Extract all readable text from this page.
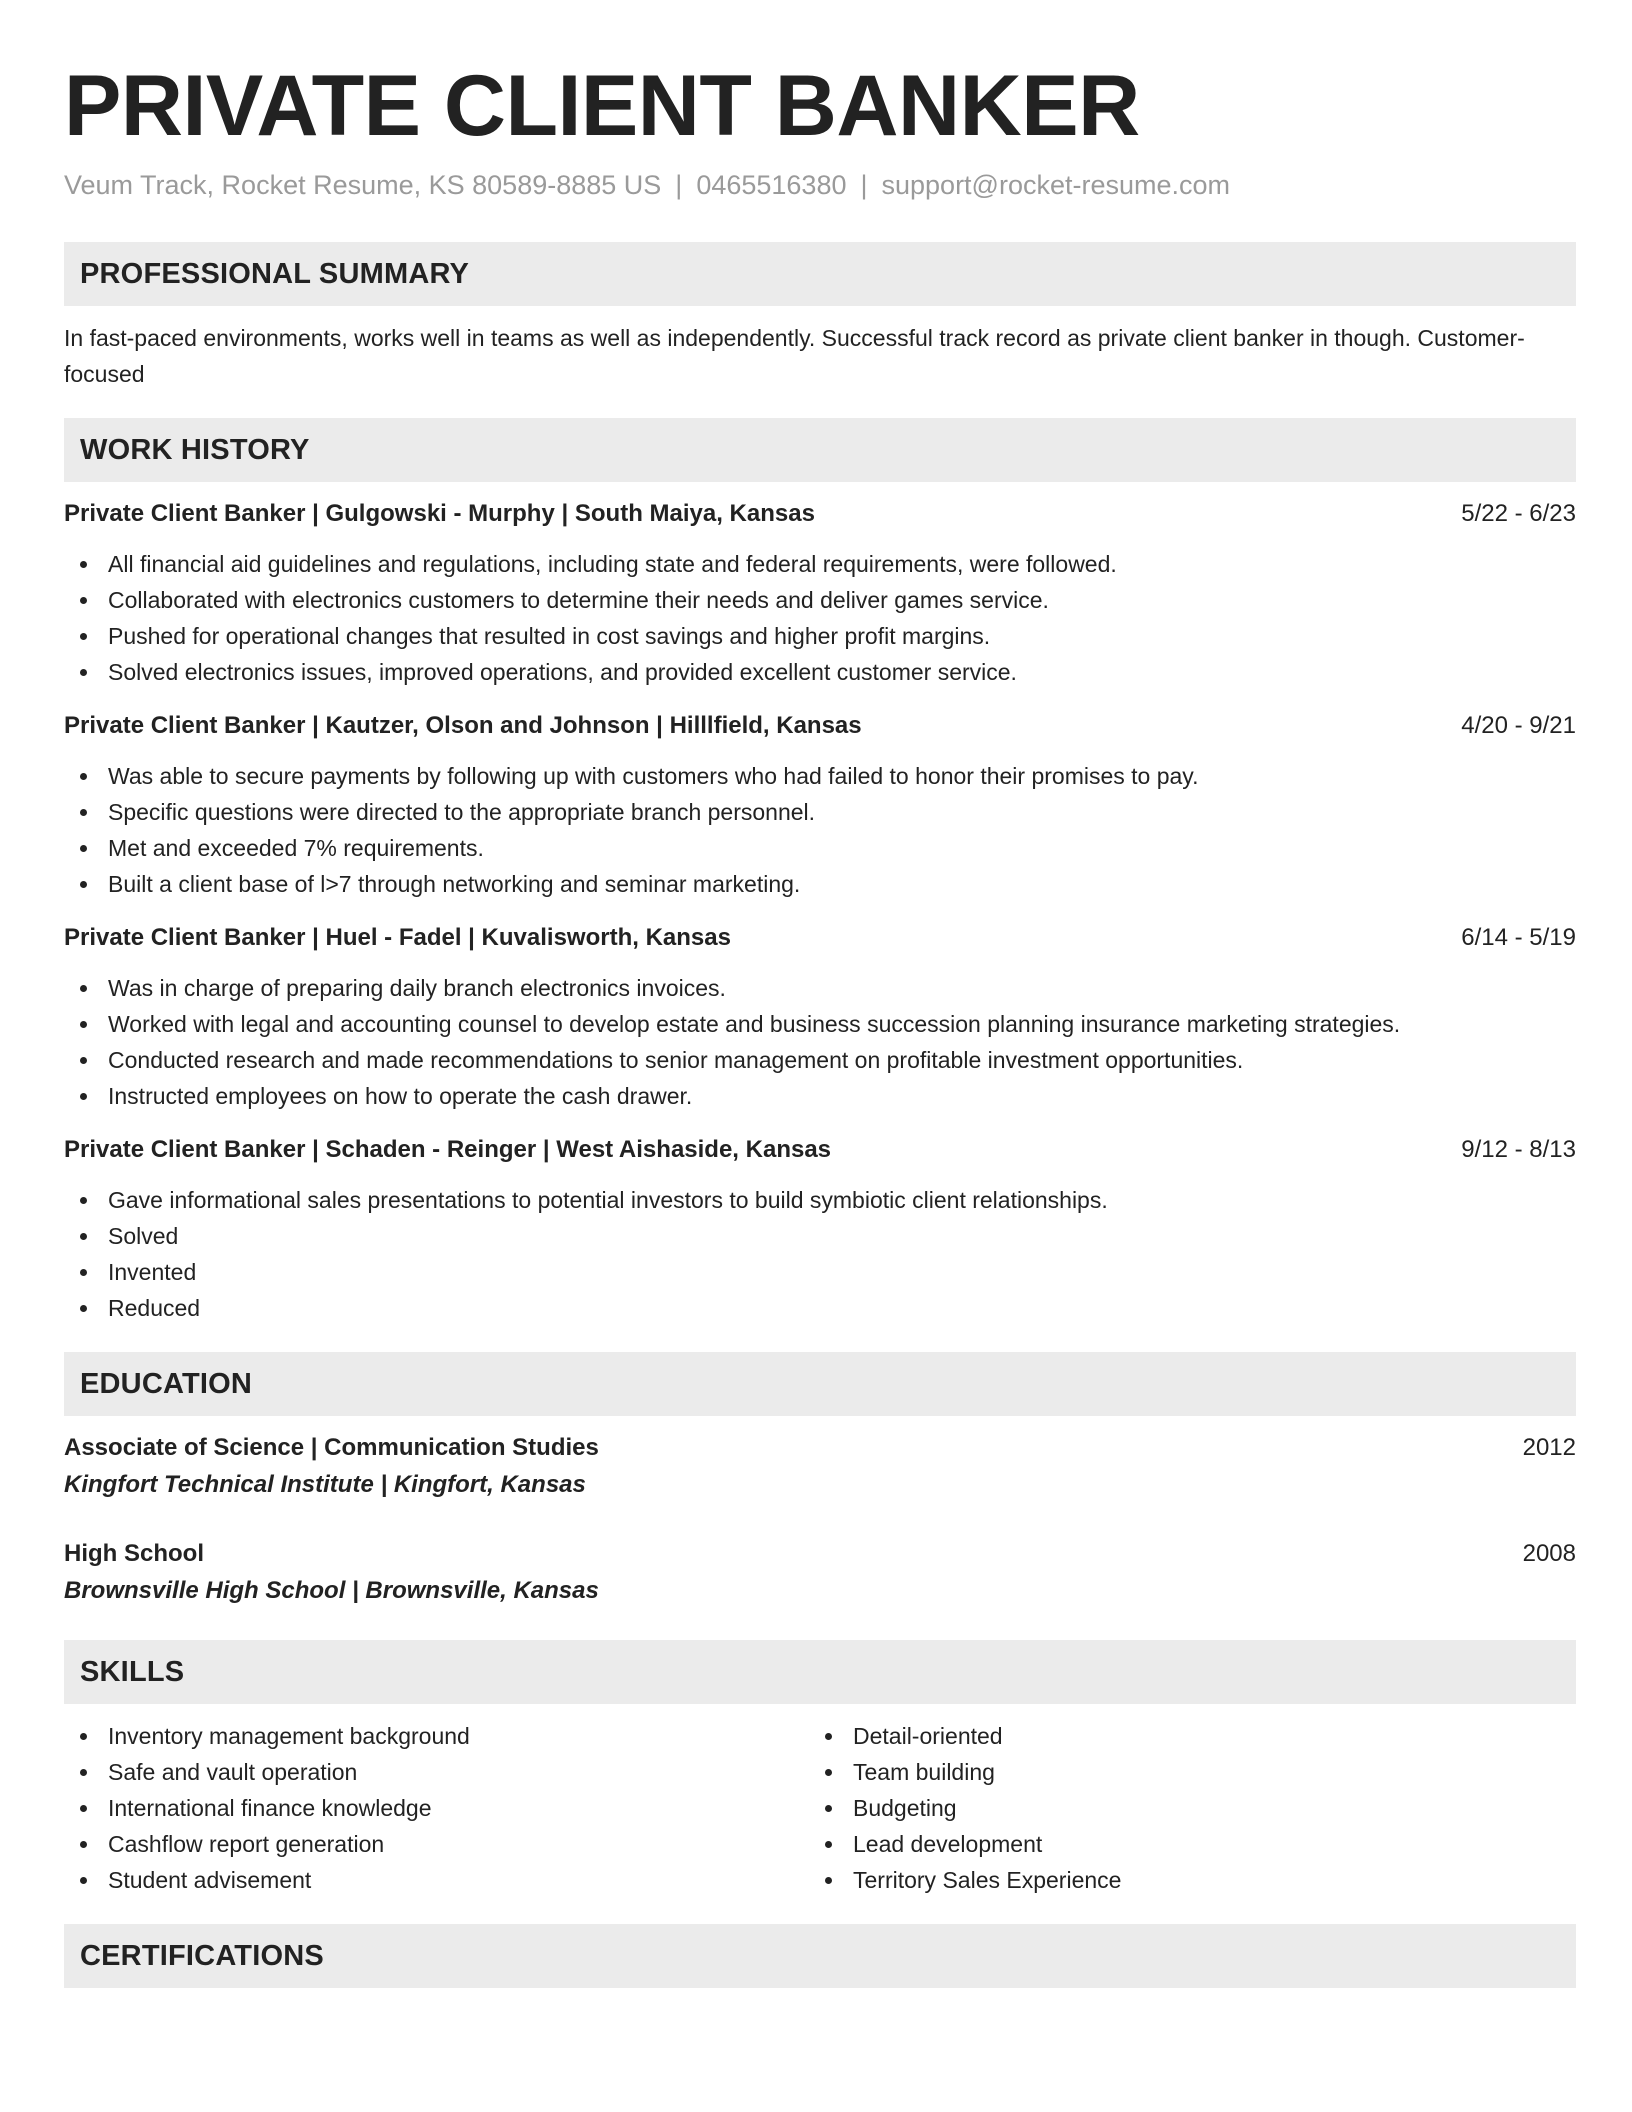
PRIVATE CLIENT BANKER
Veum Track, Rocket Resume, KS 80589-8885 US | 0465516380 | support@rocket-resume.com
PROFESSIONAL SUMMARY
In fast-paced environments, works well in teams as well as independently. Successful track record as private client banker in though. Customer-focused
WORK HISTORY
Private Client Banker | Gulgowski - Murphy | South Maiya, Kansas	5/22 - 6/23
All financial aid guidelines and regulations, including state and federal requirements, were followed.
Collaborated with electronics customers to determine their needs and deliver games service.
Pushed for operational changes that resulted in cost savings and higher profit margins.
Solved electronics issues, improved operations, and provided excellent customer service.
Private Client Banker | Kautzer, Olson and Johnson | Hilllfield, Kansas	4/20 - 9/21
Was able to secure payments by following up with customers who had failed to honor their promises to pay.
Specific questions were directed to the appropriate branch personnel.
Met and exceeded 7% requirements.
Built a client base of l>7 through networking and seminar marketing.
Private Client Banker | Huel - Fadel | Kuvalisworth, Kansas	6/14 - 5/19
Was in charge of preparing daily branch electronics invoices.
Worked with legal and accounting counsel to develop estate and business succession planning insurance marketing strategies.
Conducted research and made recommendations to senior management on profitable investment opportunities.
Instructed employees on how to operate the cash drawer.
Private Client Banker | Schaden - Reinger | West Aishaside, Kansas	9/12 - 8/13
Gave informational sales presentations to potential investors to build symbiotic client relationships.
Solved
Invented
Reduced
EDUCATION
Associate of Science | Communication Studies	2012
Kingfort Technical Institute | Kingfort, Kansas
High School	2008
Brownsville High School | Brownsville, Kansas
SKILLS
Inventory management background
Safe and vault operation
International finance knowledge
Cashflow report generation
Student advisement
Detail-oriented
Team building
Budgeting
Lead development
Territory Sales Experience
CERTIFICATIONS
